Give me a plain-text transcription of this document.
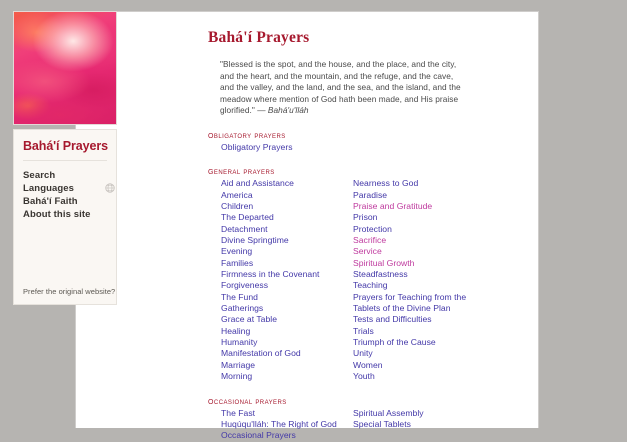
Bahá'í Prayers
Search
Languages
Bahá'í Faith
About this site
Prefer the original website?
Bahá'í Prayers
"Blessed is the spot, and the house, and the place, and the city, and the heart, and the mountain, and the refuge, and the cave, and the valley, and the land, and the sea, and the island, and the meadow where mention of God hath been made, and His praise glorified." — Bahá'u'lláh
obligatory prayers
Obligatory Prayers
general prayers
Aid and Assistance
America
Children
The Departed
Detachment
Divine Springtime
Evening
Families
Firmness in the Covenant
Forgiveness
The Fund
Gatherings
Grace at Table
Healing
Humanity
Manifestation of God
Marriage
Morning
Nearness to God
Paradise
Praise and Gratitude
Prison
Protection
Sacrifice
Service
Spiritual Growth
Steadfastness
Teaching
Prayers for Teaching from the
Tablets of the Divine Plan
Tests and Difficulties
Trials
Triumph of the Cause
Unity
Women
Youth
occasional prayers
The Fast
Huqúqu'lláh: The Right of God
Occasional Prayers
Spiritual Assembly
Special Tablets
